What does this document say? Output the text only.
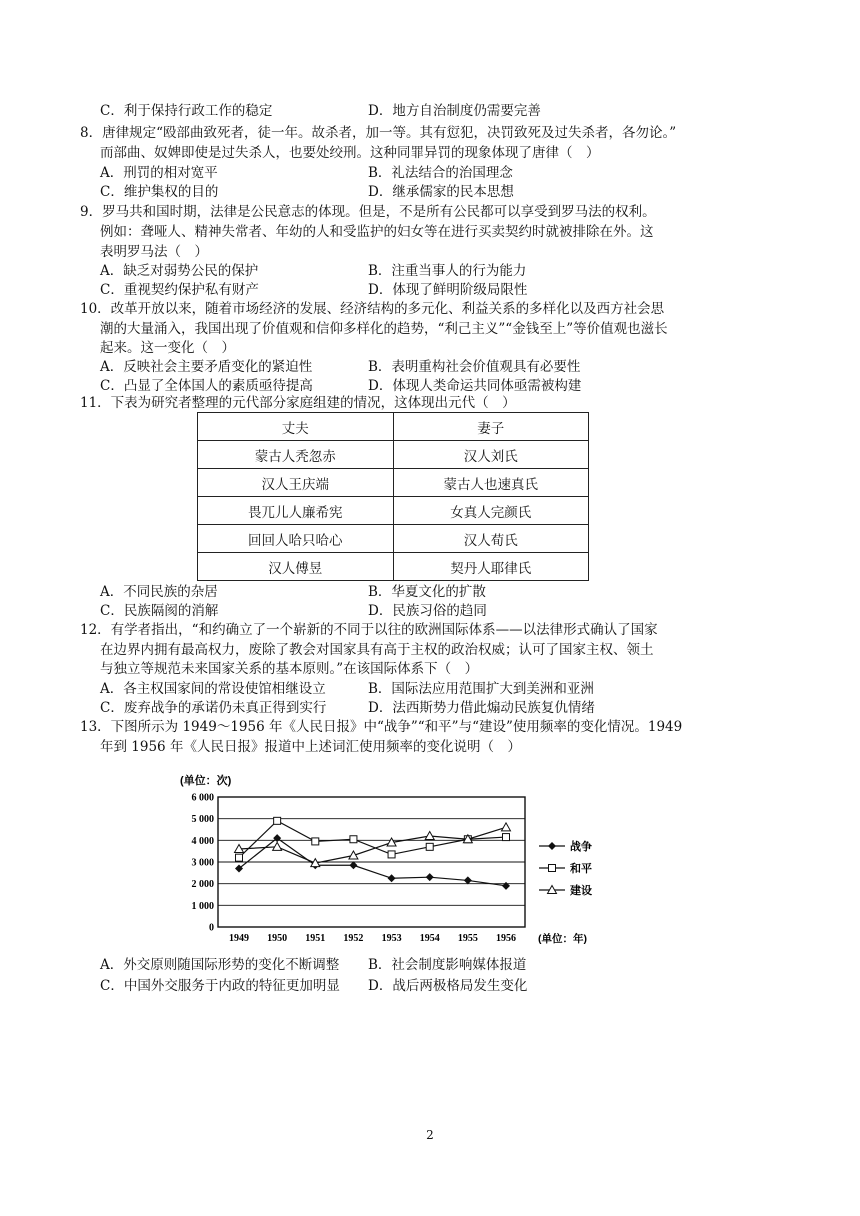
C．利于保持行政工作的稳定	D．地方自治制度仍需要完善
8．唐律规定“殴部曲致死者，徒一年。故杀者，加一等。其有愆犯，决罚致死及过失杀者，各勿论。”
而部曲、奴婢即使是过失杀人，也要处绞刑。这种同罪异罚的现象体现了唐律（　）
A．刑罚的相对宽平	B．礼法结合的治国理念
C．维护集权的目的	D．继承儒家的民本思想
9．罗马共和国时期，法律是公民意志的体现。但是，不是所有公民都可以享受到罗马法的权利。
例如：聋哑人、精神失常者、年幼的人和受监护的妇女等在进行买卖契约时就被排除在外。这
表明罗马法（　）
A．缺乏对弱势公民的保护	B．注重当事人的行为能力
C．重视契约保护私有财产	D．体现了鲜明阶级局限性
10．改革开放以来，随着市场经济的发展、经济结构的多元化、利益关系的多样化以及西方社会思
潮的大量涌入，我国出现了价值观和信仰多样化的趋势，“利己主义”“金钱至上”等价值观也滋长
起来。这一变化（　）
A．反映社会主要矛盾变化的紧迫性	B．表明重构社会价值观具有必要性
C．凸显了全体国人的素质亟待提高	D．体现人类命运共同体亟需被构建
11．下表为研究者整理的元代部分家庭组建的情况，这体现出元代（　）
丈夫	妻子
蒙古人秃忽赤	汉人刘氏
汉人王庆端	蒙古人也速真氏
畏兀儿人廉希宪	女真人完颜氏
回回人哈只哈心	汉人荀氏
汉人傅昱	契丹人耶律氏
A．不同民族的杂居	B．华夏文化的扩散
C．民族隔阂的消解	D．民族习俗的趋同
12．有学者指出，“和约确立了一个崭新的不同于以往的欧洲国际体系——以法律形式确认了国家
在边界内拥有最高权力，废除了教会对国家具有高于主权的政治权威；认可了国家主权、领土
与独立等规范未来国家关系的基本原则。”在该国际体系下（　）
A．各主权国家间的常设使馆相继设立	B．国际法应用范围扩大到美洲和亚洲
C．废弃战争的承诺仍未真正得到实行	D．法西斯势力借此煽动民族复仇情绪
13．下图所示为 1949～1956 年《人民日报》中“战争”“和平”与“建设”使用频率的变化情况。1949
年到 1956 年《人民日报》报道中上述词汇使用频率的变化说明（　）
(单位：次)
(单位：年)
0
1 000
2 000
3 000
4 000
5 000
6 000
1949 1950 1951 1952 1953 1954 1955 1956
战争
和平
建设
A．外交原则随国际形势的变化不断调整 B．社会制度影响媒体报道
C．中国外交服务于内政的特征更加明显 D．战后两极格局发生变化
2
